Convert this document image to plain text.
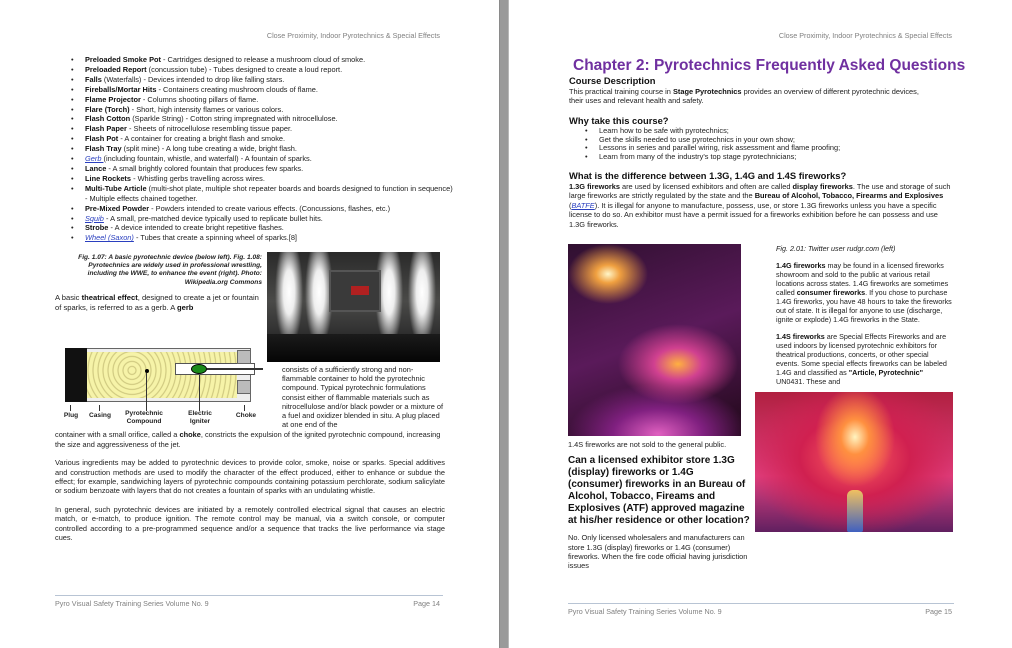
Close Proximity, Indoor Pyrotechnics & Special Effects
• Preloaded Smoke Pot - Cartridges designed to release a mushroom cloud of smoke.
• Preloaded Report (concussion tube) - Tubes designed to create a loud report.
• Falls (Waterfalls) - Devices intended to drop like falling stars.
• Fireballs/Mortar Hits - Containers creating mushroom clouds of flame.
• Flame Projector - Columns shooting pillars of flame.
• Flare (Torch) - Short, high intensity flames or various colors.
• Flash Cotton (Sparkle String) - Cotton string impregnated with nitrocellulose.
• Flash Paper - Sheets of nitrocellulose resembling tissue paper.
• Flash Pot - A container for creating a bright flash and smoke.
• Flash Tray (split mine) - A long tube creating a wide, bright flash.
• Gerb (including fountain, whistle, and waterfall) - A fountain of sparks.
• Lance - A small brightly colored fountain that produces few sparks.
• Line Rockets - Whistling gerbs travelling across wires.
• Multi-Tube Article (multi-shot plate, multiple shot repeater boards and boards designed to function in sequence) - Multiple effects chained together.
• Pre-Mixed Powder - Powders intended to create various effects. (Concussions, flashes, etc.)
• Squib - A small, pre-matched device typically used to replicate bullet hits.
• Strobe - A device intended to create bright repetitive flashes.
• Wheel (Saxon) - Tubes that create a spinning wheel of sparks.[8]
Fig. 1.07: A basic pyrotechnic device (below left). Fig. 1.08: Pyrotechnics are widely used in professional wrestling, including the WWE, to enhance the event (right). Photo: Wikipedia.org Commons
A basic theatrical effect, designed to create a jet or fountain of sparks, is referred to as a gerb. A gerb
Plug	Casing	Pyrotechnic Compound
Electric Igniter
Choke
consists of a sufficiently strong and non-flammable container to hold the pyrotechnic compound. Typical pyrotechnic formulations consist either of flammable materials such as nitrocellulose and/or black powder or a mixture of a fuel and oxidizer blended in situ. A plug placed at one end of the
container with a small orifice, called a choke, constricts the expulsion of the ignited pyrotechnic compound, increasing the size and aggressiveness of the jet.
Various ingredients may be added to pyrotechnic devices to provide color, smoke, noise or sparks. Special additives and construction methods are used to modify the character of the effect produced, either to enhance or subdue the effect; for example, sandwiching layers of pyrotechnic compounds containing potassium perchlorate, sodium salicylate or sodium benzoate with layers that do not creates a fountain of sparks with an undulating whistle.
In general, such pyrotechnic devices are initiated by a remotely controlled electrical signal that causes an electric match, or e-match, to produce ignition. The remote control may be manual, via a switch console, or computer controlled according to a pre-programmed sequence and/or a sequence that tracks the live performance via stage cues.
Pyro Visual Safety Training Series Volume No. 9	Page 14
Close Proximity, Indoor Pyrotechnics & Special Effects
Chapter 2: Pyrotechnics Frequently Asked Questions
Course Description
This practical training course in Stage Pyrotechnics provides an overview of different pyrotechnic devices, their uses and relevant health and safety.
Why take this course?
• Learn how to be safe with pyrotechnics;
• Get the skills needed to use pyrotechnics in your own show;
• Lessons in series and parallel wiring, risk assessment and flame proofing;
• Learn from many of the industry's top stage pyrotechnicians;
What is the difference between 1.3G, 1.4G and 1.4S fireworks?
1.3G fireworks are used by licensed exhibitors and often are called display fireworks. The use and storage of such large fireworks are strictly regulated by the state and the Bureau of Alcohol, Tobacco, Firearms and Explosives (BATFE). It is illegal for anyone to manufacture, possess, use, or store 1.3G fireworks unless you have a specific license to do so. An exhibitor must have a permit issued for a fireworks exhibition before he can possess and use 1.3G fireworks.
Fig. 2.01: Twitter user rudgr.com (left)
1.4G fireworks may be found in a licensed fireworks showroom and sold to the public at various retail locations across states. 1.4G fireworks are sometimes called consumer fireworks. If you chose to purchase 1.4G fireworks, you have 48 hours to take the fireworks out of state. It is illegal for anyone to use (discharge, ignite or explode) 1.4G fireworks in the State.
1.4S fireworks are Special Effects Fireworks and are used indoors by licensed pyrotechnic exhibitors for theatrical productions, concerts, or other special events. Some special effects fireworks can be labeled 1.4G and classified as "Article, Pyrotechnic" UN0431. These and
1.4S fireworks are not sold to the general public.
Can a licensed exhibitor store 1.3G (display) fireworks or 1.4G (consumer) fireworks in an Bureau of Alcohol, Tobacco, Fireams and Explosives (ATF) approved magazine at his/her residence or other location?
No. Only licensed wholesalers and manufacturers can store 1.3G (display) fireworks or 1.4G (consumer) fireworks. When the fire code official having jurisdiction issues
Pyro Visual Safety Training Series Volume No. 9	Page 15
